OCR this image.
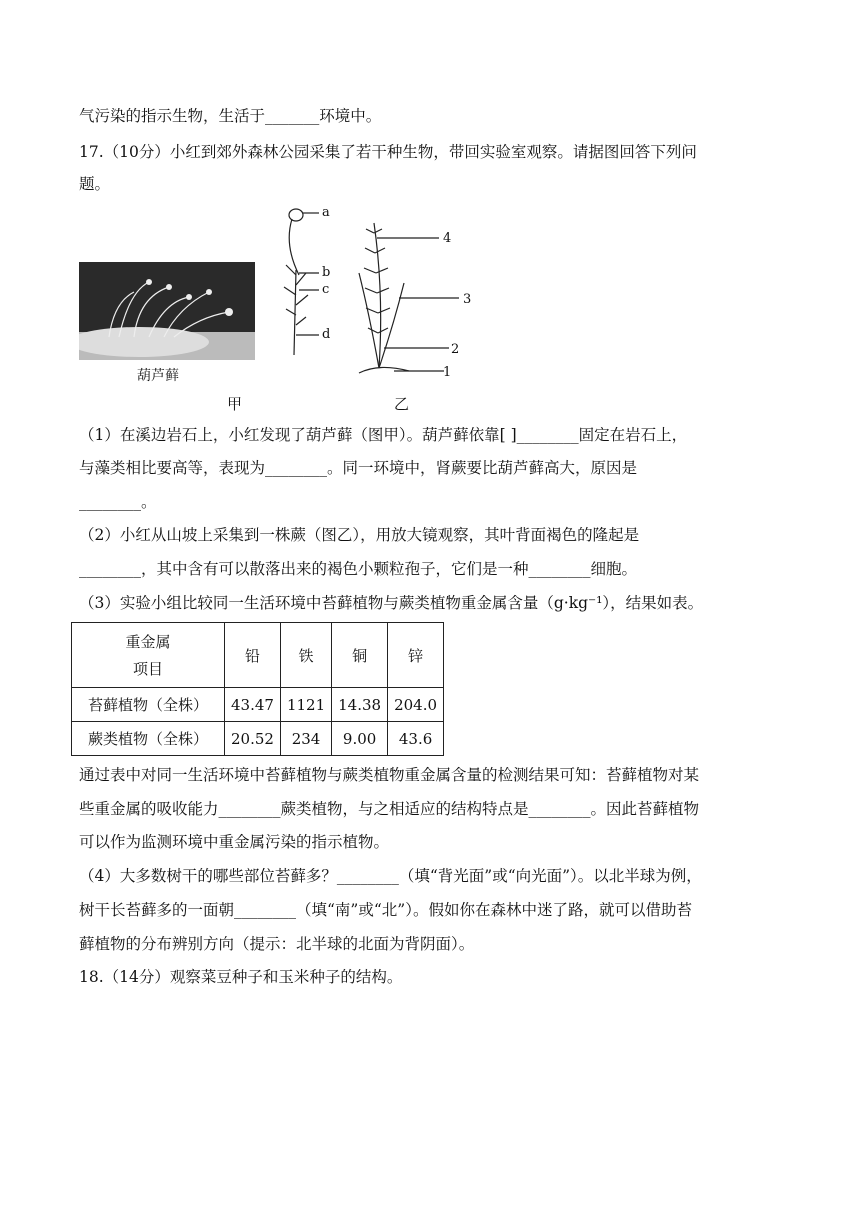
气污染的指示生物，生活于_______环境中。
17.（10分）小红到郊外森林公园采集了若干种生物，带回实验室观察。请据图回答下列问
题。
葫芦藓
甲
a
b
c
d
4
3
2
1
乙
（1）在溪边岩石上，小红发现了葫芦藓（图甲）。葫芦藓依靠[ ]________固定在岩石上，
与藻类相比要高等，表现为________。同一环境中，肾蕨要比葫芦藓高大，原因是
________。
（2）小红从山坡上采集到一株蕨（图乙），用放大镜观察，其叶背面褐色的隆起是
________，其中含有可以散落出来的褐色小颗粒孢子，它们是一种________细胞。
（3）实验小组比较同一生活环境中苔藓植物与蕨类植物重金属含量（g·kg⁻¹），结果如表。
重金属
项目	铅	铁	铜	锌
苔藓植物（全株）	43.47	1121	14.38	204.0
蕨类植物（全株）	20.52	234	9.00	43.6
通过表中对同一生活环境中苔藓植物与蕨类植物重金属含量的检测结果可知：苔藓植物对某
些重金属的吸收能力________蕨类植物，与之相适应的结构特点是________。因此苔藓植物
可以作为监测环境中重金属污染的指示植物。
（4）大多数树干的哪些部位苔藓多？________（填“背光面”或“向光面”）。以北半球为例，
树干长苔藓多的一面朝________（填“南”或“北”）。假如你在森林中迷了路，就可以借助苔
藓植物的分布辨别方向（提示：北半球的北面为背阴面）。
18.（14分）观察菜豆种子和玉米种子的结构。
